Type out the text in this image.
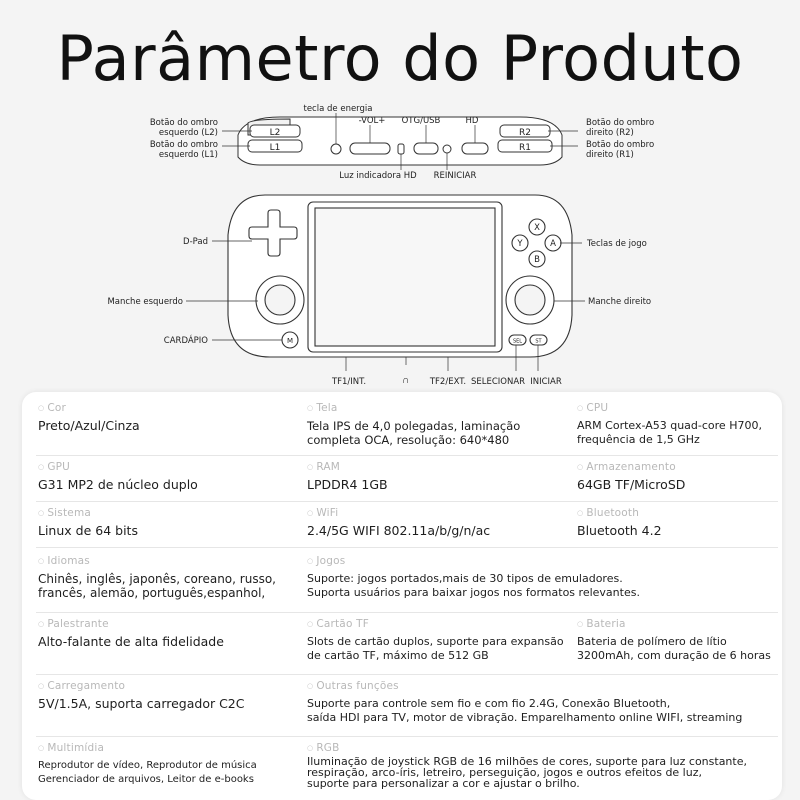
Parâmetro do Produto
L2
L1
R2
R1
Botão do ombro
esquerdo (L2)
Botão do ombro
esquerdo (L1)
Botão do ombro
direito (R2)
Botão do ombro
direito (R1)
tecla de energia
-VOL+ OTG/USB	HD
Luz indicadora HD REINICIAR
X
Y	A
B
M	SEL	ST
D-Pad
Manche esquerdo
CARDÁPIO
Teclas de jogo
Manche direito
TF1/INT.	∩ TF2/EXT. SELECIONAR INICIAR
○ Cor
Preto/Azul/Cinza
○ Tela
Tela IPS de 4,0 polegadas, laminação
completa OCA, resolução: 640*480
○ CPU
ARM Cortex-A53 quad-core H700,
frequência de 1,5 GHz
○ GPU
G31 MP2 de núcleo duplo
○ RAM
LPDDR4 1GB
○ Armazenamento
64GB TF/MicroSD
○ Sistema
Linux de 64 bits
○ WiFi
2.4/5G WIFI 802.11a/b/g/n/ac
○ Bluetooth
Bluetooth 4.2
○ Idiomas
Chinês, inglês, japonês, coreano, russo,
francês, alemão, português,espanhol,
○ Jogos
Suporte: jogos portados,mais de 30 tipos de emuladores.
Suporta usuários para baixar jogos nos formatos relevantes.
○ Palestrante
Alto-falante de alta fidelidade
○ Cartão TF
Slots de cartão duplos, suporte para expansão
de cartão TF, máximo de 512 GB
○ Bateria
Bateria de polímero de lítio
3200mAh, com duração de 6 horas
○ Carregamento
5V/1.5A, suporta carregador C2C
○ Outras funções
Suporte para controle sem fio e com fio 2.4G, Conexão Bluetooth,
saída HDI para TV, motor de vibração. Emparelhamento online WIFI, streaming
○ Multimídia
Reprodutor de vídeo, Reprodutor de música
Gerenciador de arquivos, Leitor de e-books
○ RGB
Iluminação de joystick RGB de 16 milhões de cores, suporte para luz constante,
respiração, arco-íris, letreiro, perseguição, jogos e outros efeitos de luz,
suporte para personalizar a cor e ajustar o brilho.
